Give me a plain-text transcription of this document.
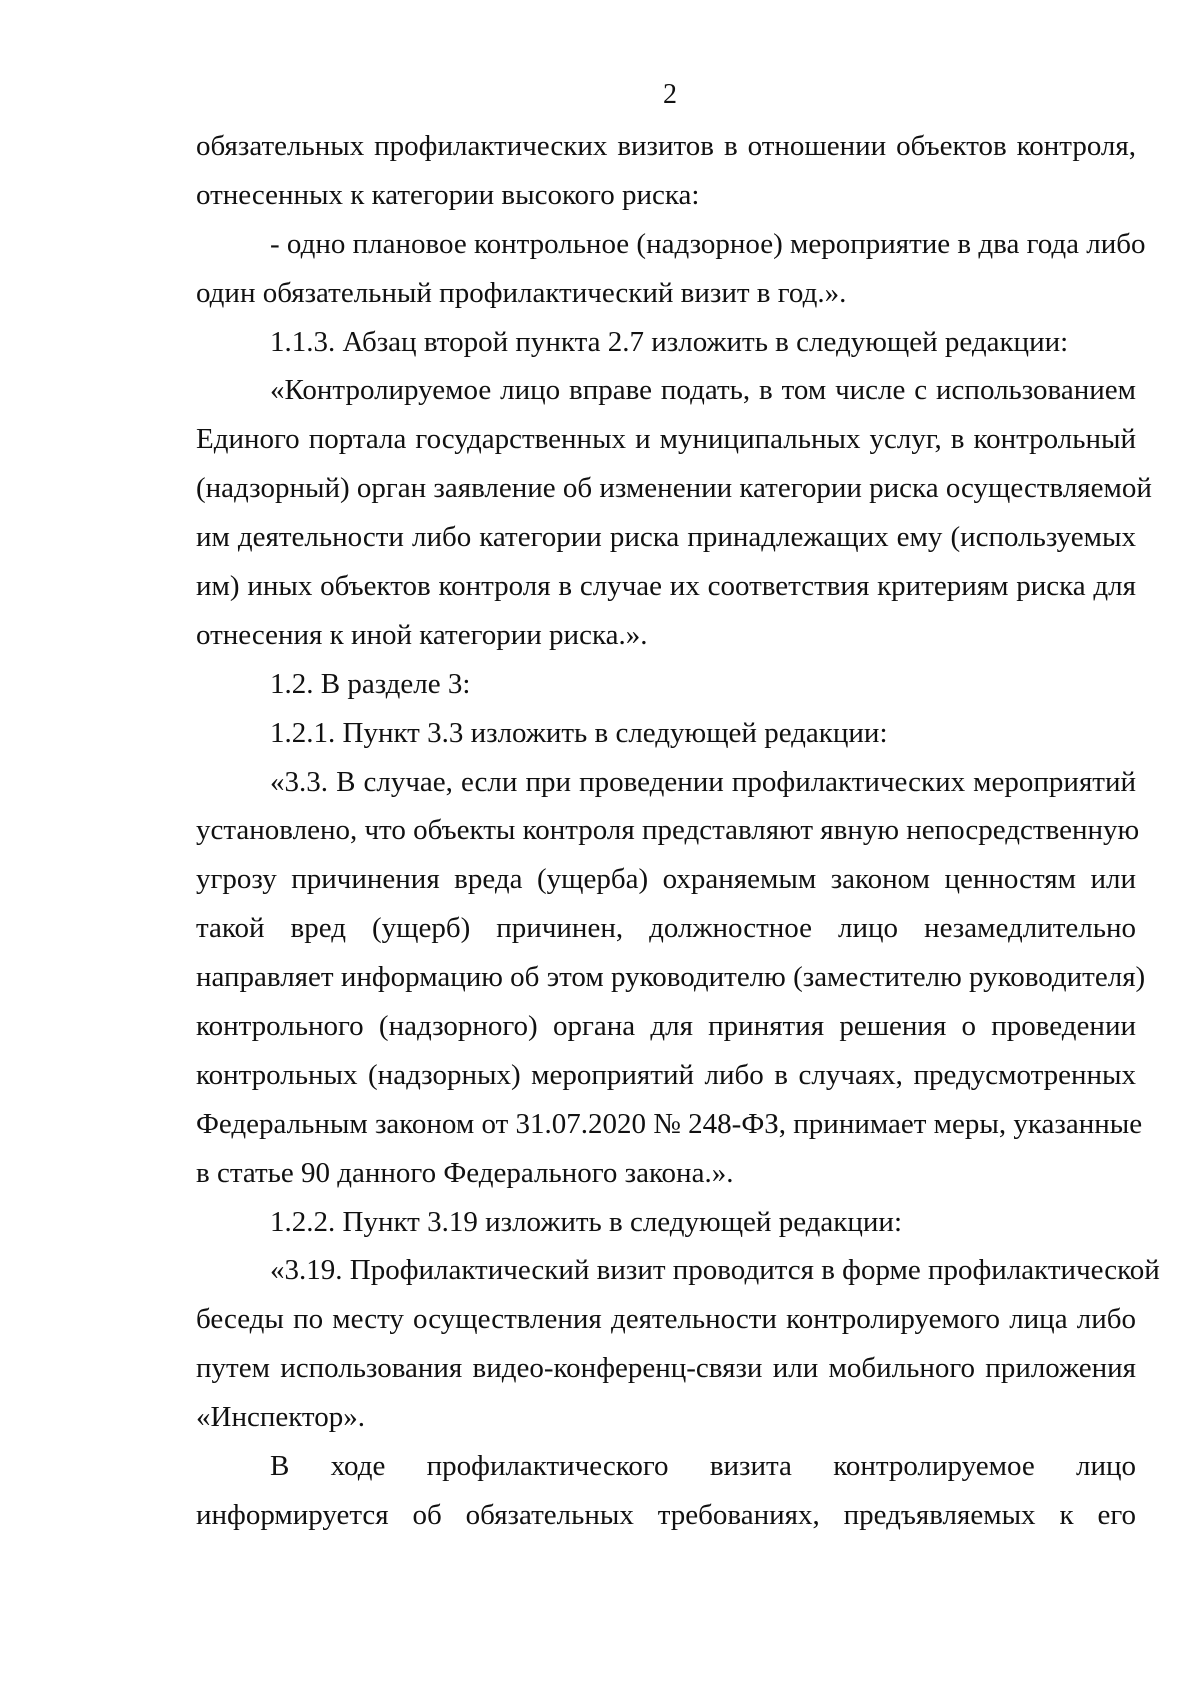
2
обязательных профилактических визитов в отношении объектов контроля,
отнесенных к категории высокого риска:
- одно плановое контрольное (надзорное) мероприятие в два года либо
один обязательный профилактический визит в год.».
1.1.3. Абзац второй пункта 2.7 изложить в следующей редакции:
«Контролируемое лицо вправе подать, в том числе с использованием
Единого портала государственных и муниципальных услуг, в контрольный
(надзорный) орган заявление об изменении категории риска осуществляемой
им деятельности либо категории риска принадлежащих ему (используемых
им) иных объектов контроля в случае их соответствия критериям риска для
отнесения к иной категории риска.».
1.2. В разделе 3:
1.2.1. Пункт 3.3 изложить в следующей редакции:
«3.3. В случае, если при проведении профилактических мероприятий
установлено, что объекты контроля представляют явную непосредственную
угрозу причинения вреда (ущерба) охраняемым законом ценностям или
такой вред (ущерб) причинен, должностное лицо незамедлительно
направляет информацию об этом руководителю (заместителю руководителя)
контрольного (надзорного) органа для принятия решения о проведении
контрольных (надзорных) мероприятий либо в случаях, предусмотренных
Федеральным законом от 31.07.2020 № 248-ФЗ, принимает меры, указанные
в статье 90 данного Федерального закона.».
1.2.2. Пункт 3.19 изложить в следующей редакции:
«3.19. Профилактический визит проводится в форме профилактической
беседы по месту осуществления деятельности контролируемого лица либо
путем использования видео-конференц-связи или мобильного приложения
«Инспектор».
В ходе профилактического визита контролируемое лицо
информируется об обязательных требованиях, предъявляемых к его
